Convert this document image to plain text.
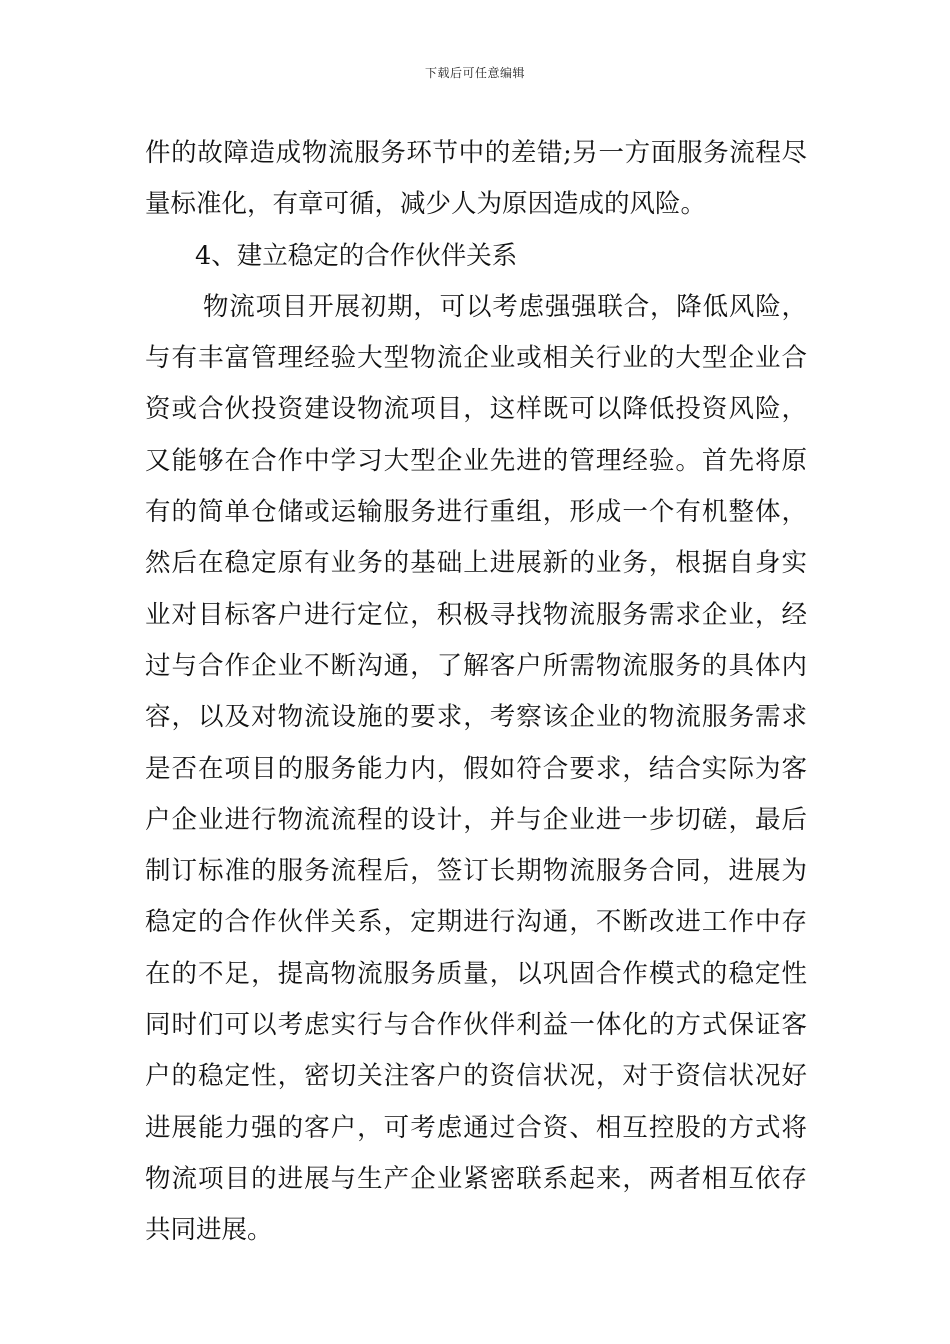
下载后可任意编辑
件的故障造成物流服务环节中的差错;另一方面服务流程尽
量标准化，有章可循，减少人为原因造成的风险。
4、建立稳定的合作伙伴关系
物流项目开展初期，可以考虑强强联合，降低风险，
与有丰富管理经验大型物流企业或相关行业的大型企业合
资或合伙投资建设物流项目，这样既可以降低投资风险，
又能够在合作中学习大型企业先进的管理经验。首先将原
有的简单仓储或运输服务进行重组，形成一个有机整体，
然后在稳定原有业务的基础上进展新的业务，根据自身实
业对目标客户进行定位，积极寻找物流服务需求企业，经
过与合作企业不断沟通，了解客户所需物流服务的具体内
容，以及对物流设施的要求，考察该企业的物流服务需求
是否在项目的服务能力内，假如符合要求，结合实际为客
户企业进行物流流程的设计，并与企业进一步切磋，最后
制订标准的服务流程后，签订长期物流服务合同，进展为
稳定的合作伙伴关系，定期进行沟通，不断改进工作中存
在的不足，提高物流服务质量，以巩固合作模式的稳定性
同时们可以考虑实行与合作伙伴利益一体化的方式保证客
户的稳定性，密切关注客户的资信状况，对于资信状况好
进展能力强的客户，可考虑通过合资、相互控股的方式将
物流项目的进展与生产企业紧密联系起来，两者相互依存
共同进展。
